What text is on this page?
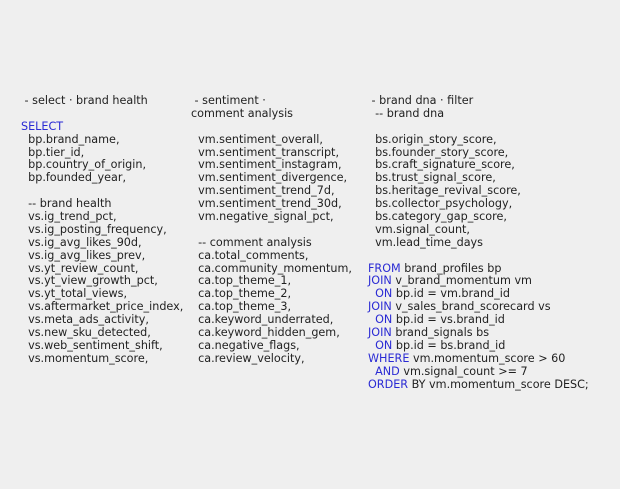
- select · brand health
SELECT
bp.brand_name,
bp.tier_id,
bp.country_of_origin,
bp.founded_year,
-- brand health
vs.ig_trend_pct,
vs.ig_posting_frequency,
vs.ig_avg_likes_90d,
vs.ig_avg_likes_prev,
vs.yt_review_count,
vs.yt_view_growth_pct,
vs.yt_total_views,
vs.aftermarket_price_index,
vs.meta_ads_activity,
vs.new_sku_detected,
vs.web_sentiment_shift,
vs.momentum_score,
- sentiment ·
comment analysis
vm.sentiment_overall,
vm.sentiment_transcript,
vm.sentiment_instagram,
vm.sentiment_divergence,
vm.sentiment_trend_7d,
vm.sentiment_trend_30d,
vm.negative_signal_pct,
-- comment analysis
ca.total_comments,
ca.community_momentum,
ca.top_theme_1,
ca.top_theme_2,
ca.top_theme_3,
ca.keyword_underrated,
ca.keyword_hidden_gem,
ca.negative_flags,
ca.review_velocity,
- brand dna · filter
-- brand dna
bs.origin_story_score,
bs.founder_story_score,
bs.craft_signature_score,
bs.trust_signal_score,
bs.heritage_revival_score,
bs.collector_psychology,
bs.category_gap_score,
vm.signal_count,
vm.lead_time_days
FROM brand_profiles bp
JOIN v_brand_momentum vm
ON bp.id = vm.brand_id
JOIN v_sales_brand_scorecard vs
ON bp.id = vs.brand_id
JOIN brand_signals bs
ON bp.id = bs.brand_id
WHERE vm.momentum_score > 60
AND vm.signal_count >= 7
ORDER BY vm.momentum_score DESC;
